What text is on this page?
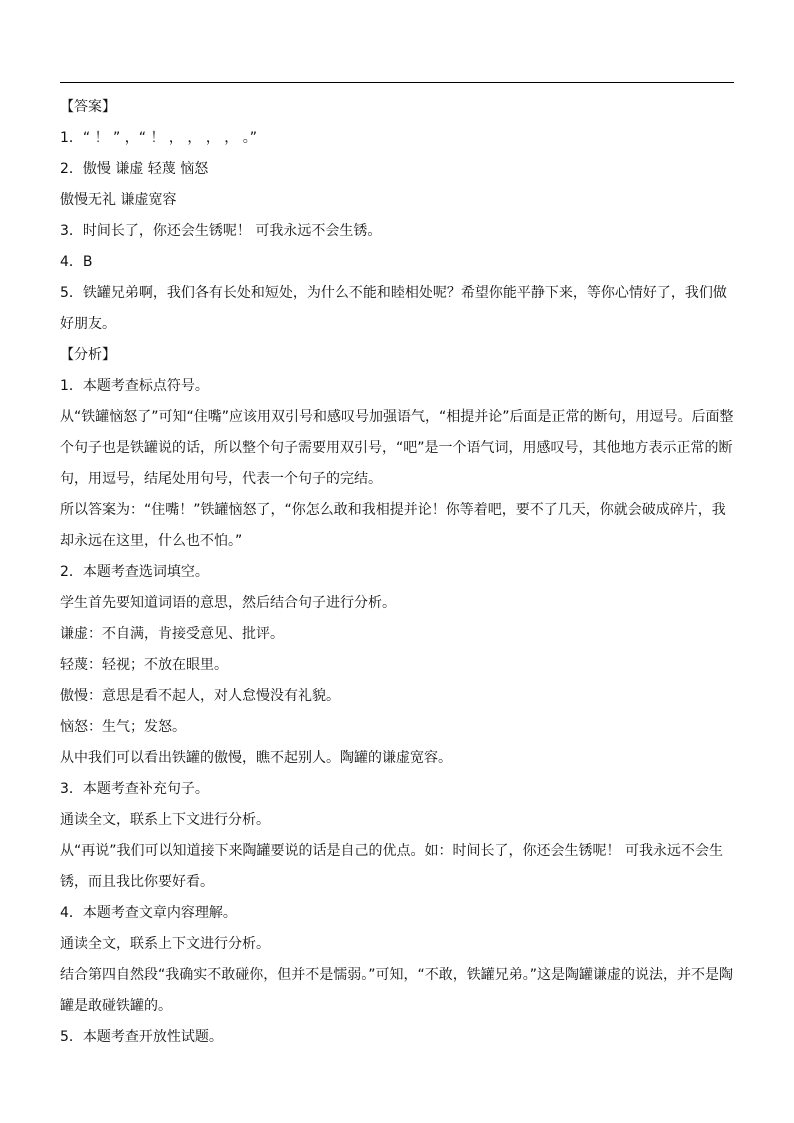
【答案】

1．“ ！ ” ，“ ！ ， ， ， ， 。”

2．傲慢 谦虚 轻蔑 恼怒

傲慢无礼 谦虚宽容

3．时间长了，你还会生锈呢！ 可我永远不会生锈。

4．B

5．铁罐兄弟啊，我们各有长处和短处，为什么不能和睦相处呢？希望你能平静下来，等你心情好了，我们做好朋友。

【分析】

1．本题考查标点符号。

从“铁罐恼怒了”可知“住嘴”应该用双引号和感叹号加强语气，“相提并论”后面是正常的断句，用逗号。后面整个句子也是铁罐说的话，所以整个句子需要用双引号，“吧”是一个语气词，用感叹号，其他地方表示正常的断句，用逗号，结尾处用句号，代表一个句子的完结。

所以答案为：“住嘴！”铁罐恼怒了，“你怎么敢和我相提并论！你等着吧，要不了几天，你就会破成碎片，我却永远在这里，什么也不怕。”

2．本题考查选词填空。

学生首先要知道词语的意思，然后结合句子进行分析。

谦虚：不自满，肯接受意见、批评。

轻蔑：轻视；不放在眼里。

傲慢：意思是看不起人，对人怠慢没有礼貌。

恼怒：生气；发怒。

从中我们可以看出铁罐的傲慢，瞧不起别人。陶罐的谦虚宽容。

3．本题考查补充句子。

通读全文，联系上下文进行分析。

从“再说”我们可以知道接下来陶罐要说的话是自己的优点。如：时间长了，你还会生锈呢！ 可我永远不会生锈，而且我比你要好看。

4．本题考查文章内容理解。

通读全文，联系上下文进行分析。

结合第四自然段“我确实不敢碰你，但并不是懦弱。”可知，“不敢，铁罐兄弟。”这是陶罐谦虚的说法，并不是陶罐是敢碰铁罐的。

5．本题考查开放性试题。
